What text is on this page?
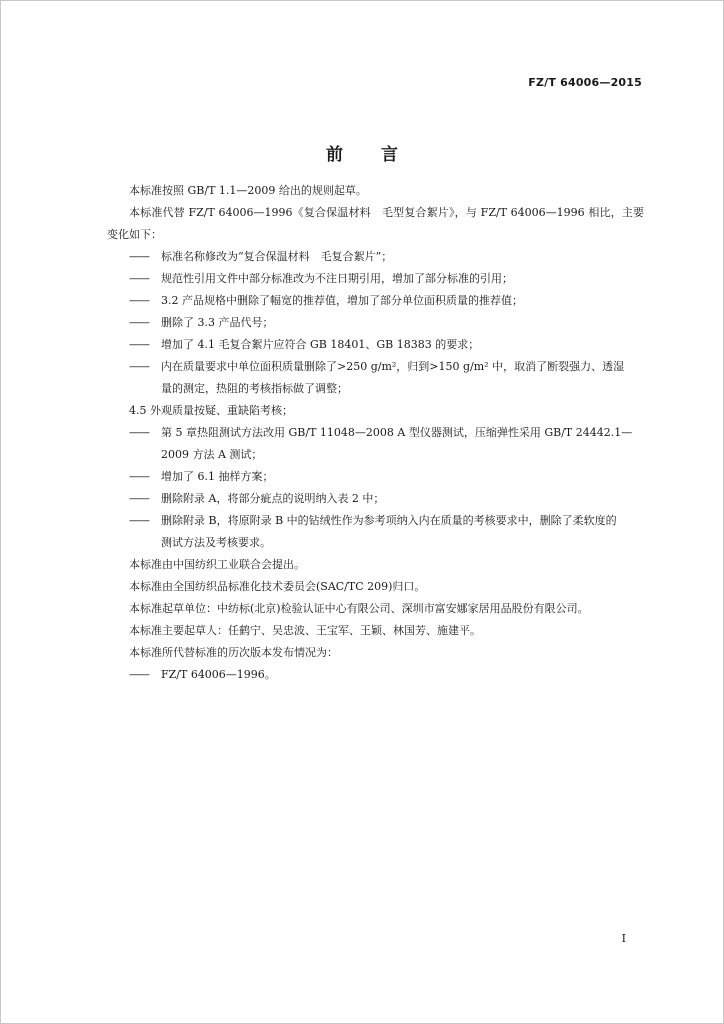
FZ/T 64006—2015
前言

本标准按照 GB/T 1.1—2009 给出的规则起草。

本标准代替 FZ/T 64006—1996《复合保温材料　毛型复合絮片》，与 FZ/T 64006—1996 相比，主要变化如下：

—— 标准名称修改为“复合保温材料　毛复合絮片”；

—— 规范性引用文件中部分标准改为不注日期引用，增加了部分标准的引用；

—— 3.2 产品规格中删除了幅宽的推荐值，增加了部分单位面积质量的推荐值；

—— 删除了 3.3 产品代号；

—— 增加了 4.1 毛复合絮片应符合 GB 18401、GB 18383 的要求；

—— 内在质量要求中单位面积质量删除了>250 g/m²，归到>150 g/m² 中，取消了断裂强力、透湿
量的测定，热阻的考核指标做了调整；

4.5 外观质量按疑、重缺陷考核；

—— 第 5 章热阻测试方法改用 GB/T 11048—2008 A 型仪器测试，压缩弹性采用 GB/T 24442.1—
2009 方法 A 测试；

—— 增加了 6.1 抽样方案；

—— 删除附录 A，将部分疵点的说明纳入表 2 中；

—— 删除附录 B，将原附录 B 中的钻绒性作为参考项纳入内在质量的考核要求中，删除了柔软度的
测试方法及考核要求。

本标准由中国纺织工业联合会提出。

本标准由全国纺织品标准化技术委员会(SAC/TC 209)归口。

本标准起草单位：中纺标(北京)检验认证中心有限公司、深圳市富安娜家居用品股份有限公司。

本标准主要起草人：任鹤宁、吴忠波、王宝军、王颖、林国芳、施建平。

本标准所代替标准的历次版本发布情况为：

—— FZ/T 64006—1996。

I
